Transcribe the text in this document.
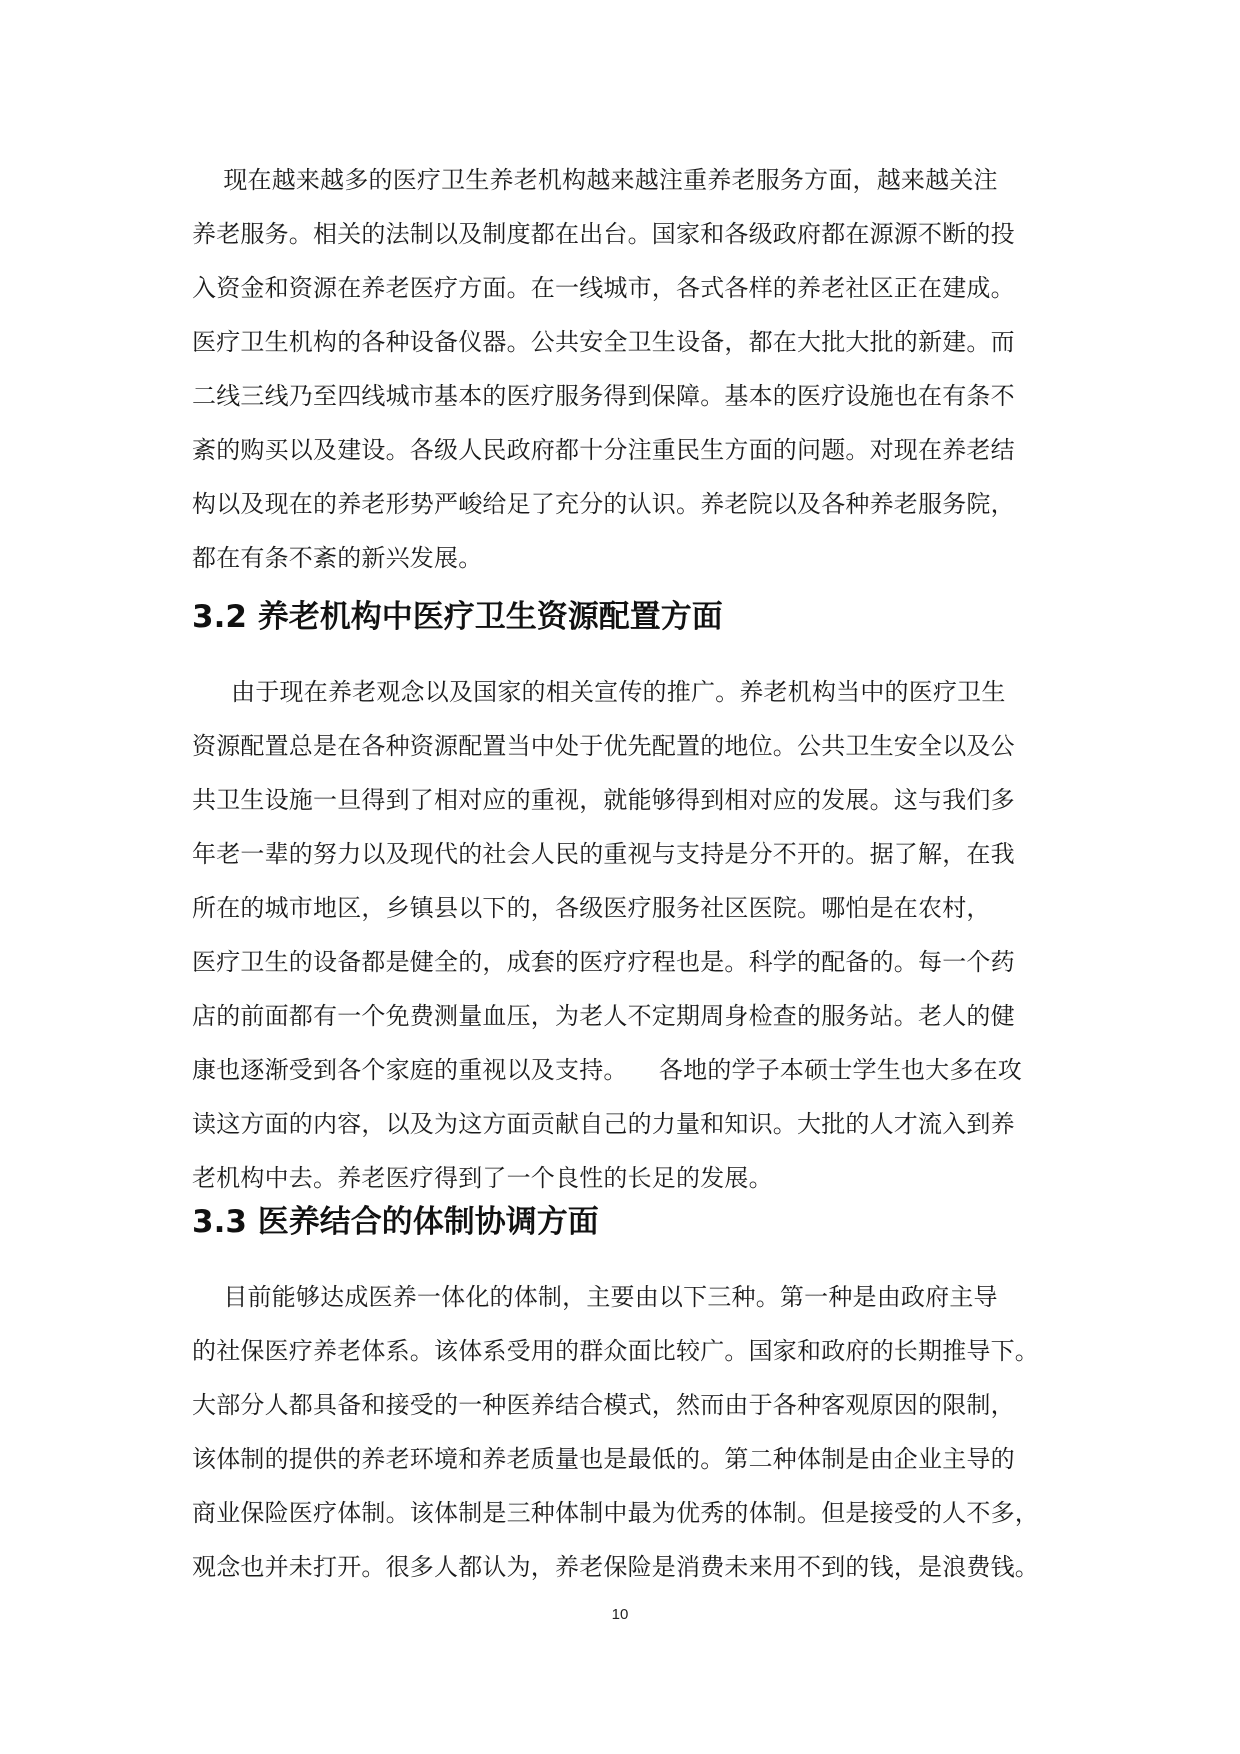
现在越来越多的医疗卫生养老机构越来越注重养老服务方面，越来越关注
养老服务。相关的法制以及制度都在出台。国家和各级政府都在源源不断的投
入资金和资源在养老医疗方面。在一线城市，各式各样的养老社区正在建成。
医疗卫生机构的各种设备仪器。公共安全卫生设备，都在大批大批的新建。而
二线三线乃至四线城市基本的医疗服务得到保障。基本的医疗设施也在有条不
紊的购买以及建设。各级人民政府都十分注重民生方面的问题。对现在养老结
构以及现在的养老形势严峻给足了充分的认识。养老院以及各种养老服务院，
都在有条不紊的新兴发展。
3.2 养老机构中医疗卫生资源配置方面
由于现在养老观念以及国家的相关宣传的推广。养老机构当中的医疗卫生
资源配置总是在各种资源配置当中处于优先配置的地位。公共卫生安全以及公
共卫生设施一旦得到了相对应的重视，就能够得到相对应的发展。这与我们多
年老一辈的努力以及现代的社会人民的重视与支持是分不开的。据了解，在我
所在的城市地区，乡镇县以下的，各级医疗服务社区医院。哪怕是在农村，
医疗卫生的设备都是健全的，成套的医疗疗程也是。科学的配备的。每一个药
店的前面都有一个免费测量血压，为老人不定期周身检查的服务站。老人的健
康也逐渐受到各个家庭的重视以及支持。    各地的学子本硕士学生也大多在攻
读这方面的内容，以及为这方面贡献自己的力量和知识。大批的人才流入到养
老机构中去。养老医疗得到了一个良性的长足的发展。
3.3 医养结合的体制协调方面
目前能够达成医养一体化的体制，主要由以下三种。第一种是由政府主导
的社保医疗养老体系。该体系受用的群众面比较广。国家和政府的长期推导下。
大部分人都具备和接受的一种医养结合模式，然而由于各种客观原因的限制，
该体制的提供的养老环境和养老质量也是最低的。第二种体制是由企业主导的
商业保险医疗体制。该体制是三种体制中最为优秀的体制。但是接受的人不多，
观念也并未打开。很多人都认为，养老保险是消费未来用不到的钱，是浪费钱。
10
